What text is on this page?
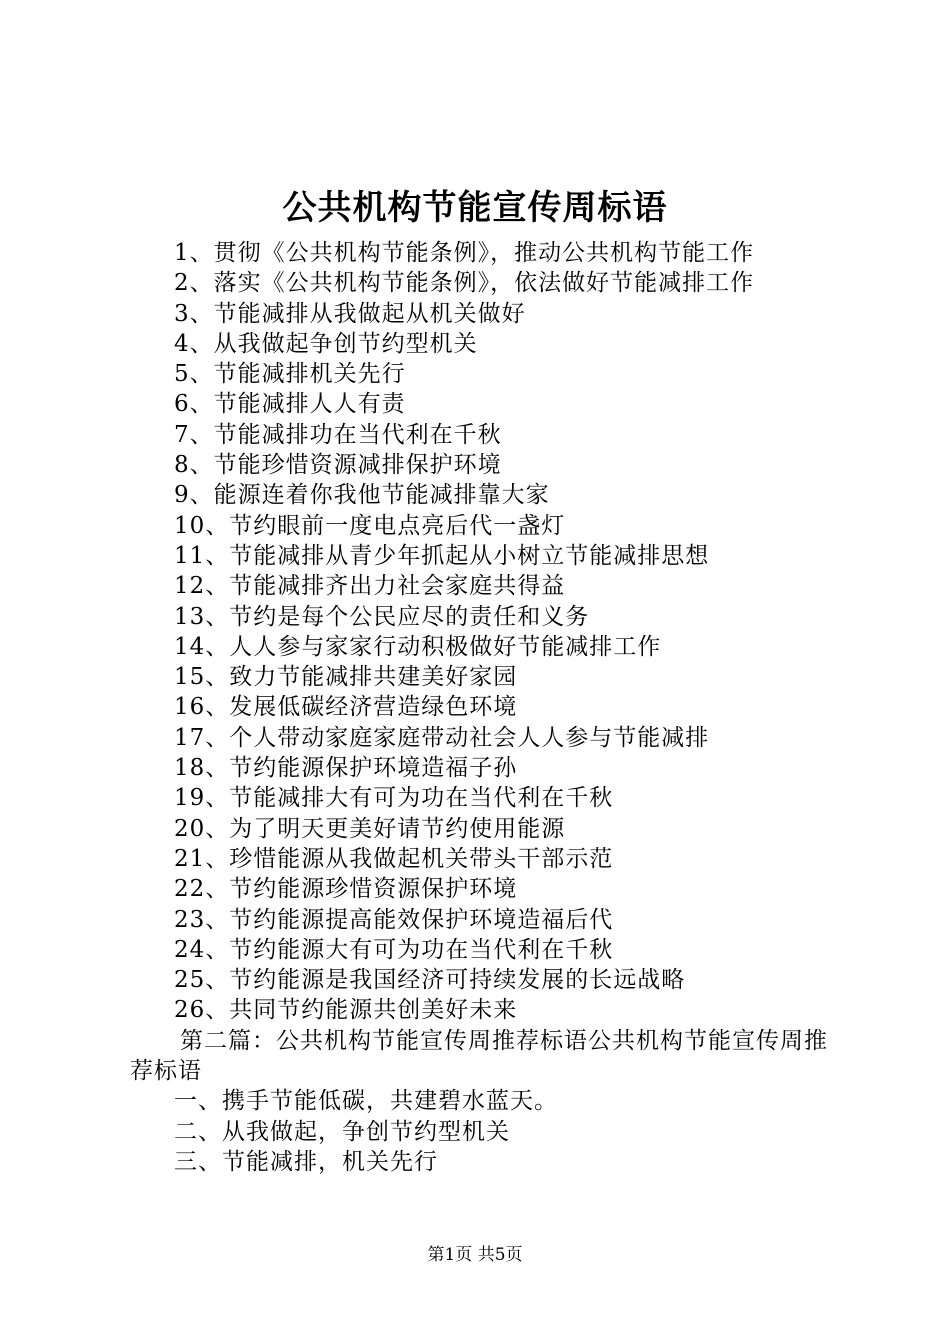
公共机构节能宣传周标语

1、贯彻《公共机构节能条例》，推动公共机构节能工作

2、落实《公共机构节能条例》，依法做好节能减排工作

3、节能减排从我做起从机关做好

4、从我做起争创节约型机关

5、节能减排机关先行

6、节能减排人人有责

7、节能减排功在当代利在千秋

8、节能珍惜资源减排保护环境

9、能源连着你我他节能减排靠大家

10、节约眼前一度电点亮后代一盏灯

11、节能减排从青少年抓起从小树立节能减排思想

12、节能减排齐出力社会家庭共得益

13、节约是每个公民应尽的责任和义务

14、人人参与家家行动积极做好节能减排工作

15、致力节能减排共建美好家园

16、发展低碳经济营造绿色环境

17、个人带动家庭家庭带动社会人人参与节能减排

18、节约能源保护环境造福子孙

19、节能减排大有可为功在当代利在千秋

20、为了明天更美好请节约使用能源

21、珍惜能源从我做起机关带头干部示范

22、节约能源珍惜资源保护环境

23、节约能源提高能效保护环境造福后代

24、节约能源大有可为功在当代利在千秋

25、节约能源是我国经济可持续发展的长远战略

26、共同节约能源共创美好未来

第二篇：公共机构节能宣传周推荐标语公共机构节能宣传周推荐标语

一、携手节能低碳，共建碧水蓝天。

二、从我做起，争创节约型机关

三、节能减排，机关先行

第1页 共5页
